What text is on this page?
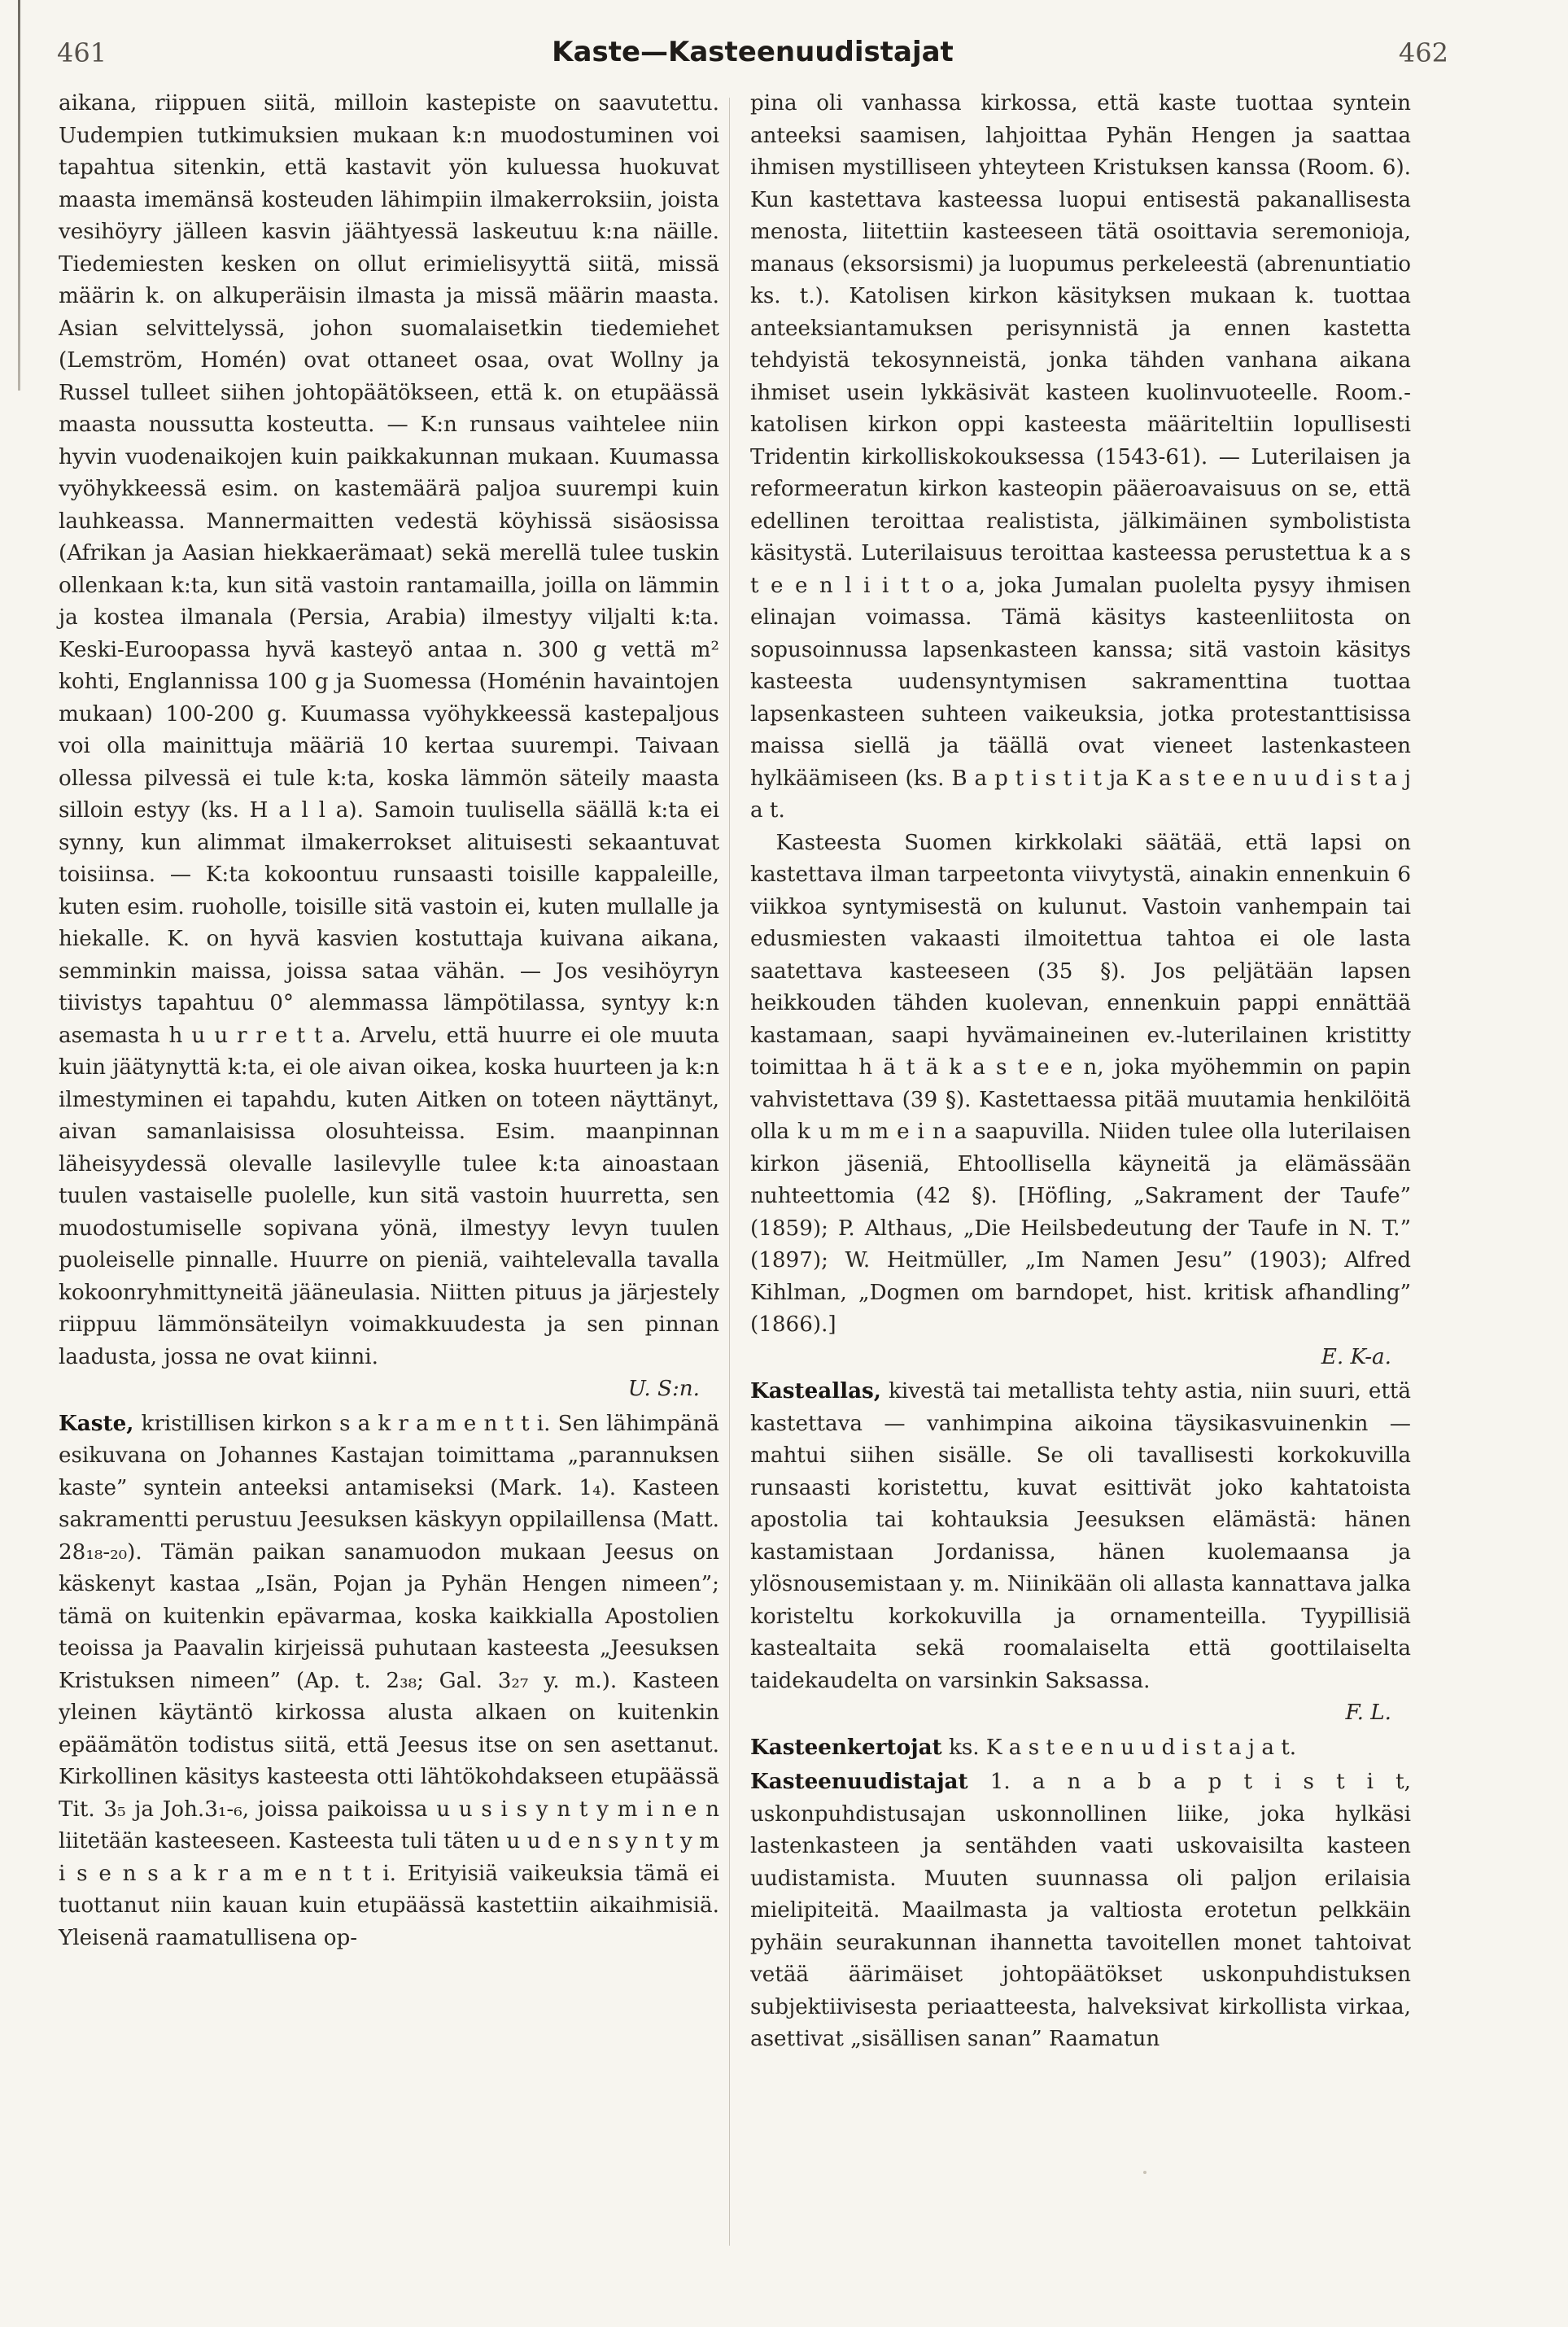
461	Kaste—Kasteenuudistajat	462

aikana, riippuen siitä, milloin kastepiste on saavutettu. Uudempien tutkimuksien mukaan k:n muodostuminen voi tapahtua sitenkin, että kastavit yön kuluessa huokuvat maasta imemänsä kosteuden lähimpiin ilmakerroksiin, joista vesihöyry jälleen kasvin jäähtyessä laskeutuu k:na näille. Tiedemiesten kesken on ollut erimielisyyttä siitä, missä määrin k. on alkuperäisin ilmasta ja missä määrin maasta. Asian selvittelyssä, johon suomalaisetkin tiedemiehet (Lemström, Homén) ovat ottaneet osaa, ovat Wollny ja Russel tulleet siihen johtopäätökseen, että k. on etupäässä maasta noussutta kosteutta. — K:n runsaus vaihtelee niin hyvin vuodenaikojen kuin paikkakunnan mukaan. Kuumassa vyöhykkeessä esim. on kastemäärä paljoa suurempi kuin lauhkeassa. Mannermaitten vedestä köyhissä sisäosissa (Afrikan ja Aasian hiekkaerämaat) sekä merellä tulee tuskin ollenkaan k:ta, kun sitä vastoin rantamailla, joilla on lämmin ja kostea ilmanala (Persia, Arabia) ilmestyy viljalti k:ta. Keski-Euroopassa hyvä kasteyö antaa n. 300 g vettä m² kohti, Englannissa 100 g ja Suomessa (Homénin havaintojen mukaan) 100-200 g. Kuumassa vyöhykkeessä kastepaljous voi olla mainittuja määriä 10 kertaa suurempi. Taivaan ollessa pilvessä ei tule k:ta, koska lämmön säteily maasta silloin estyy (ks. H a l l a). Samoin tuulisella säällä k:ta ei synny, kun alimmat ilmakerrokset alituisesti sekaantuvat toisiinsa. — K:ta kokoontuu runsaasti toisille kappaleille, kuten esim. ruoholle, toisille sitä vastoin ei, kuten mullalle ja hiekalle. K. on hyvä kasvien kostuttaja kuivana aikana, semminkin maissa, joissa sataa vähän. — Jos vesihöyryn tiivistys tapahtuu 0° alemmassa lämpötilassa, syntyy k:n asemasta h u u r r e t t a. Arvelu, että huurre ei ole muuta kuin jäätynyttä k:ta, ei ole aivan oikea, koska huurteen ja k:n ilmestyminen ei tapahdu, kuten Aitken on toteen näyttänyt, aivan samanlaisissa olosuhteissa. Esim. maanpinnan läheisyydessä olevalle lasilevylle tulee k:ta ainoastaan tuulen vastaiselle puolelle, kun sitä vastoin huurretta, sen muodostumiselle sopivana yönä, ilmestyy levyn tuulen puoleiselle pinnalle. Huurre on pieniä, vaihtelevalla tavalla kokoonryhmittyneitä jääneulasia. Niitten pituus ja järjestely riippuu lämmönsäteilyn voimakkuudesta ja sen pinnan laadusta, jossa ne ovat kiinni.

U. S:n.

Kaste, kristillisen kirkon s a k r a m e n t t i. Sen lähimpänä esikuvana on Johannes Kastajan toimittama „parannuksen kaste” syntein anteeksi antamiseksi (Mark. 1₄). Kasteen sakramentti perustuu Jeesuksen käskyyn oppilaillensa (Matt. 28₁₈-₂₀). Tämän paikan sanamuodon mukaan Jeesus on käskenyt kastaa „Isän, Pojan ja Pyhän Hengen nimeen”; tämä on kuitenkin epävarmaa, koska kaikkialla Apostolien teoissa ja Paavalin kirjeissä puhutaan kasteesta „Jeesuksen Kristuksen nimeen” (Ap. t. 2₃₈; Gal. 3₂₇ y. m.). Kasteen yleinen käytäntö kirkossa alusta alkaen on kuitenkin epäämätön todistus siitä, että Jeesus itse on sen asettanut. Kirkollinen käsitys kasteesta otti lähtökohdakseen etupäässä Tit. 3₅ ja Joh.3₁-₆, joissa paikoissa u u s i s y n t y m i n e n liitetään kasteeseen. Kasteesta tuli täten u u d e n s y n t y m i s e n s a k r a m e n t t i. Erityisiä vaikeuksia tämä ei tuottanut niin kauan kuin etupäässä kastettiin aikaihmisiä. Yleisenä raamatullisena op-

pina oli vanhassa kirkossa, että kaste tuottaa syntein anteeksi saamisen, lahjoittaa Pyhän Hengen ja saattaa ihmisen mystilliseen yhteyteen Kristuksen kanssa (Room. 6). Kun kastettava kasteessa luopui entisestä pakanallisesta menosta, liitettiin kasteeseen tätä osoittavia seremonioja, manaus (eksorsismi) ja luopumus perkeleestä (abrenuntiatio ks. t.). Katolisen kirkon käsityksen mukaan k. tuottaa anteeksiantamuksen perisynnistä ja ennen kastetta tehdyistä tekosynneistä, jonka tähden vanhana aikana ihmiset usein lykkäsivät kasteen kuolinvuoteelle. Room.-katolisen kirkon oppi kasteesta määriteltiin lopullisesti Tridentin kirkolliskokouksessa (1543-61). — Luterilaisen ja reformeeratun kirkon kasteopin pääeroavaisuus on se, että edellinen teroittaa realistista, jälkimäinen symbolistista käsitystä. Luterilaisuus teroittaa kasteessa perustettua k a s t e e n l i i t t o a, joka Jumalan puolelta pysyy ihmisen elinajan voimassa. Tämä käsitys kasteenliitosta on sopusoinnussa lapsenkasteen kanssa; sitä vastoin käsitys kasteesta uudensyntymisen sakramenttina tuottaa lapsenkasteen suhteen vaikeuksia, jotka protestanttisissa maissa siellä ja täällä ovat vieneet lastenkasteen hylkäämiseen (ks. B a p t i s t i t ja K a s t e e n u u d i s t a j a t.

Kasteesta Suomen kirkkolaki säätää, että lapsi on kastettava ilman tarpeetonta viivytystä, ainakin ennenkuin 6 viikkoa syntymisestä on kulunut. Vastoin vanhempain tai edusmiesten vakaasti ilmoitettua tahtoa ei ole lasta saatettava kasteeseen (35 §). Jos peljätään lapsen heikkouden tähden kuolevan, ennenkuin pappi ennättää kastamaan, saapi hyvämaineinen ev.-luterilainen kristitty toimittaa h ä t ä k a s t e e n, joka myöhemmin on papin vahvistettava (39 §). Kastettaessa pitää muutamia henkilöitä olla k u m m e i n a saapuvilla. Niiden tulee olla luterilaisen kirkon jäseniä, Ehtoollisella käyneitä ja elämässään nuhteettomia (42 §). [Höfling, „Sakrament der Taufe” (1859); P. Althaus, „Die Heilsbedeutung der Taufe in N. T.” (1897); W. Heitmüller, „Im Namen Jesu” (1903); Alfred Kihlman, „Dogmen om barndopet, hist. kritisk afhandling” (1866).]

E. K-a.

Kasteallas, kivestä tai metallista tehty astia, niin suuri, että kastettava — vanhimpina aikoina täysikasvuinenkin — mahtui siihen sisälle. Se oli tavallisesti korkokuvilla runsaasti koristettu, kuvat esittivät joko kahtatoista apostolia tai kohtauksia Jeesuksen elämästä: hänen kastamistaan Jordanissa, hänen kuolemaansa ja ylösnousemistaan y. m. Niinikään oli allasta kannattava jalka koristeltu korkokuvilla ja ornamenteilla. Tyypillisiä kastealtaita sekä roomalaiselta että goottilaiselta taidekaudelta on varsinkin Saksassa.

F. L.

Kasteenkertojat ks. K a s t e e n u u d i s t a j a t.

Kasteenuudistajat 1. a n a b a p t i s t i t, uskonpuhdistusajan uskonnollinen liike, joka hylkäsi lastenkasteen ja sentähden vaati uskovaisilta kasteen uudistamista. Muuten suunnassa oli paljon erilaisia mielipiteitä. Maailmasta ja valtiosta erotetun pelkkäin pyhäin seurakunnan ihannetta tavoitellen monet tahtoivat vetää äärimäiset johtopäätökset uskonpuhdistuksen subjektiivisesta periaatteesta, halveksivat kirkollista virkaa, asettivat „sisällisen sanan” Raamatun
